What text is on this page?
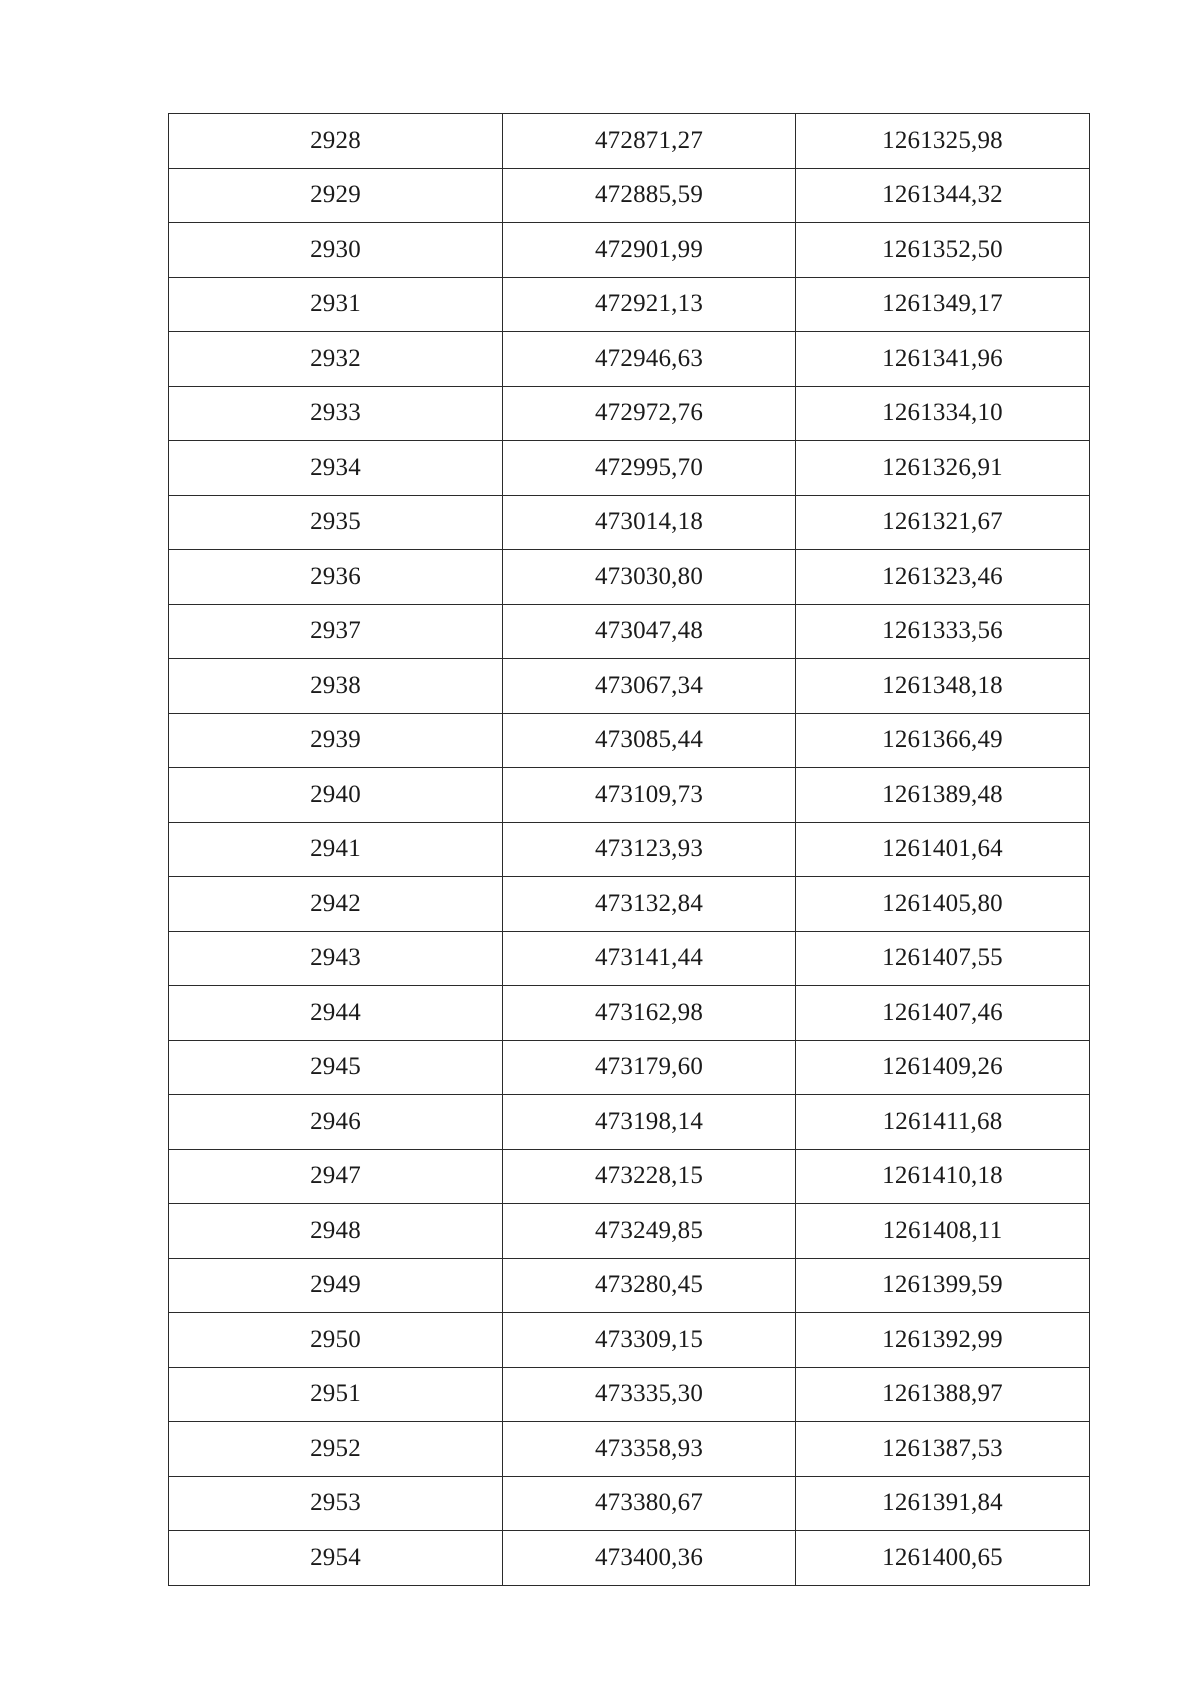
2928	472871,27	1261325,98
2929	472885,59	1261344,32
2930	472901,99	1261352,50
2931	472921,13	1261349,17
2932	472946,63	1261341,96
2933	472972,76	1261334,10
2934	472995,70	1261326,91
2935	473014,18	1261321,67
2936	473030,80	1261323,46
2937	473047,48	1261333,56
2938	473067,34	1261348,18
2939	473085,44	1261366,49
2940	473109,73	1261389,48
2941	473123,93	1261401,64
2942	473132,84	1261405,80
2943	473141,44	1261407,55
2944	473162,98	1261407,46
2945	473179,60	1261409,26
2946	473198,14	1261411,68
2947	473228,15	1261410,18
2948	473249,85	1261408,11
2949	473280,45	1261399,59
2950	473309,15	1261392,99
2951	473335,30	1261388,97
2952	473358,93	1261387,53
2953	473380,67	1261391,84
2954	473400,36	1261400,65
